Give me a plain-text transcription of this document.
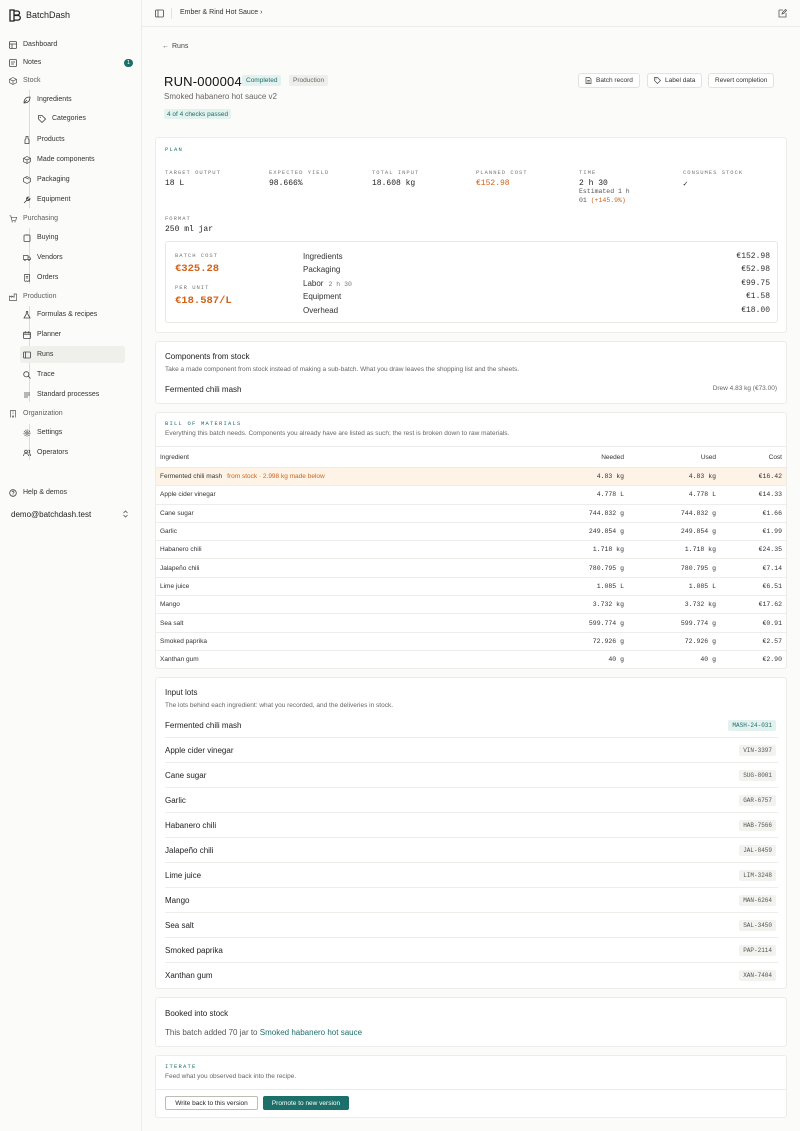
BatchDash
Dashboard
Notes	1
Stock
Ingredients
Categories
Products
Made components
Packaging
Equipment
Purchasing
Buying
Vendors
Orders
Production
Formulas & recipes
Planner
Runs
Trace
Standard processes
Organization
Settings
Operators
Help & demos
demo@batchdash.test
Ember & Rind Hot Sauce ›
← Runs
RUN-000004 Completed	Production	Batch record	Label data	Revert completion
Smoked habanero hot sauce v2
4 of 4 checks passed
PLAN
TARGET OUTPUT
18 L
EXPECTED YIELD
98.666%
TOTAL INPUT
18.608 kg
PLANNED COST
€152.98
TIME
2 h 30
Estimated 1 h
01 (+145.9%)
CONSUMES STOCK
✓
FORMAT
250 ml jar
BATCH COST
€325.28
PER UNIT
€18.587/L
Ingredients	€152.98
Packaging	€52.98
Labor 2 h 30	€99.75
Equipment	€1.58
Overhead	€18.00
Components from stock
Take a made component from stock instead of making a sub-batch. What you draw leaves the shopping list and the sheets.
Fermented chili mash	Drew 4.83 kg (€73.00)
BILL OF MATERIALS
Everything this batch needs. Components you already have are listed as such; the rest is broken down to raw materials.
Ingredient	Needed	Used	Cost
Fermented chili mash from stock · 2.998 kg made below	4.83 kg	4.83 kg	€16.42
Apple cider vinegar	4.778 L	4.778 L	€14.33
Cane sugar	744.832 g	744.832 g	€1.66
Garlic	249.854 g	249.854 g	€1.99
Habanero chili	1.718 kg	1.718 kg	€24.35
Jalapeño chili	780.795 g	780.795 g	€7.14
Lime juice	1.085 L	1.085 L	€6.51
Mango	3.732 kg	3.732 kg	€17.62
Sea salt	599.774 g	599.774 g	€0.91
Smoked paprika	72.926 g	72.926 g	€2.57
Xanthan gum	40 g	40 g	€2.90
Input lots
The lots behind each ingredient: what you recorded, and the deliveries in stock.
Fermented chili mash	MASH-24-031
Apple cider vinegar	VIN-3397
Cane sugar	SUG-8001
Garlic	GAR-6757
Habanero chili	HAB-7566
Jalapeño chili	JAL-8459
Lime juice	LIM-3248
Mango	MAN-6264
Sea salt	SAL-3450
Smoked paprika	PAP-2114
Xanthan gum	XAN-7404
Booked into stock
This batch added 70 jar to Smoked habanero hot sauce
ITERATE
Feed what you observed back into the recipe.
Write back to this version	Promote to new version
